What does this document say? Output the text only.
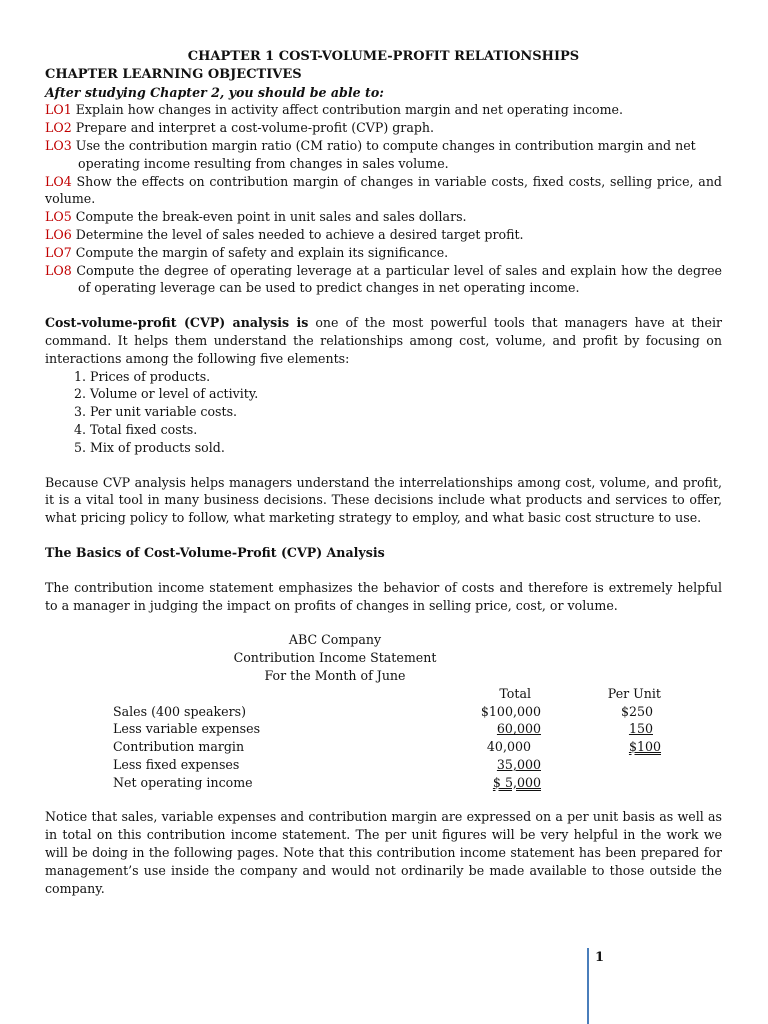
CHAPTER 1 COST-VOLUME-PROFIT RELATIONSHIPS
CHAPTER LEARNING OBJECTIVES
After studying Chapter 2, you should be able to:
LO1 Explain how changes in activity affect contribution margin and net operating income.
LO2 Prepare and interpret a cost-volume-profit (CVP) graph.
LO3 Use the contribution margin ratio (CM ratio) to compute changes in contribution margin and net operating income resulting from changes in sales volume.
LO4 Show the effects on contribution margin of changes in variable costs, fixed costs, selling price, and volume.
LO5 Compute the break-even point in unit sales and sales dollars.
LO6 Determine the level of sales needed to achieve a desired target profit.
LO7 Compute the margin of safety and explain its significance.
LO8 Compute the degree of operating leverage at a particular level of sales and explain how the degree of operating leverage can be used to predict changes in net operating income.

Cost-volume-profit (CVP) analysis is one of the most powerful tools that managers have at their command. It helps them understand the relationships among cost, volume, and profit by focusing on interactions among the following five elements:

1. Prices of products.
2. Volume or level of activity.
3. Per unit variable costs.
4. Total fixed costs.
5. Mix of products sold.

Because CVP analysis helps managers understand the interrelationships among cost, volume, and profit, it is a vital tool in many business decisions. These decisions include what products and services to offer, what pricing policy to follow, what marketing strategy to employ, and what basic cost structure to use.

The Basics of Cost-Volume-Profit (CVP) Analysis

The contribution income statement emphasizes the behavior of costs and therefore is extremely helpful to a manager in judging the impact on profits of changes in selling price, cost, or volume.

ABC Company
Contribution Income Statement
For the Month of June
	Total	Per Unit
Sales (400 speakers)	$100,000	$250
Less variable expenses	60,000	150
Contribution margin	40,000	$100
Less fixed expenses	35,000	
Net operating income	$ 5,000	

Notice that sales, variable expenses and contribution margin are expressed on a per unit basis as well as in total on this contribution income statement. The per unit figures will be very helpful in the work we will be doing in the following pages. Note that this contribution income statement has been prepared for management’s use inside the company and would not ordinarily be made available to those outside the company.

1
